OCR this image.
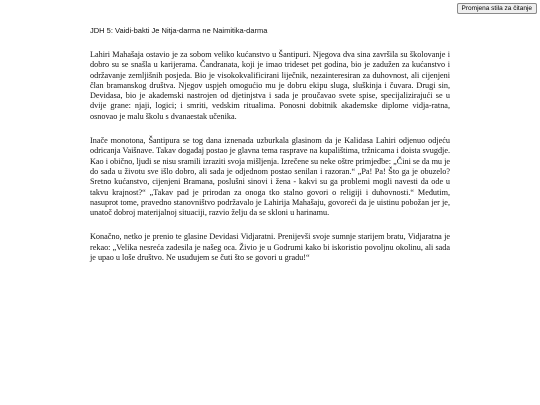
Promjena stila za čitanje
JDH 5: Vaidi-bakti Je Nitja-darma ne Naimitika-darma

Lahiri Mahašaja ostavio je za sobom veliko kućanstvo u Šantipuri. Njegova dva sina završila su školovanje i dobro su se snašla u karijerama. Čandranata, koji je imao trideset pet godina, bio je zadužen za kućanstvo i održavanje zemljišnih posjeda. Bio je visokokvalificirani liječnik, nezainteresiran za duhovnost, ali cijenjeni član bramanskog društva. Njegov uspjeh omogućio mu je dobru ekipu sluga, sluškinja i čuvara. Drugi sin, Devidasa, bio je akademski nastrojen od djetinjstva i sada je proučavao svete spise, specijalizirajući se u dvije grane: njaji, logici; i smriti, vedskim ritualima. Ponosni dobitnik akademske diplome vidja-ratna, osnovao je malu školu s dvanaestak učenika.

Inače monotona, Šantipura se tog dana iznenada uzburkala glasinom da je Kalidasa Lahiri odjenuo odjeću odricanja Vaišnave. Takav događaj postao je glavna tema rasprave na kupalištima, tržnicama i doista svugdje. Kao i obično, ljudi se nisu sramili izraziti svoja mišljenja. Izrečene su neke oštre primjedbe: „Čini se da mu je do sada u životu sve išlo dobro, ali sada je odjednom postao senilan i razoran.“ „Pa! Pa! Što ga je obuzelo? Sretno kućanstvo, cijenjeni Bramana, poslušni sinovi i žena - kakvi su ga problemi mogli navesti da ode u takvu krajnost?“ „Takav pad je prirodan za onoga tko stalno govori o religiji i duhovnosti.“ Međutim, nasuprot tome, pravedno stanovništvo podržavalo je Lahirija Mahašaju, govoreći da je uistinu pobožan jer je, unatoč dobroj materijalnoj situaciji, razvio želju da se skloni u harinamu.

Konačno, netko je prenio te glasine Devidasi Vidjaratni. Prenijevši svoje sumnje starijem bratu, Vidjaratna je rekao: „Velika nesreća zadesila je našeg oca. Živio je u Godrumi kako bi iskoristio povoljnu okolinu, ali sada je upao u loše društvo. Ne usuđujem se čuti što se govori u gradu!“
